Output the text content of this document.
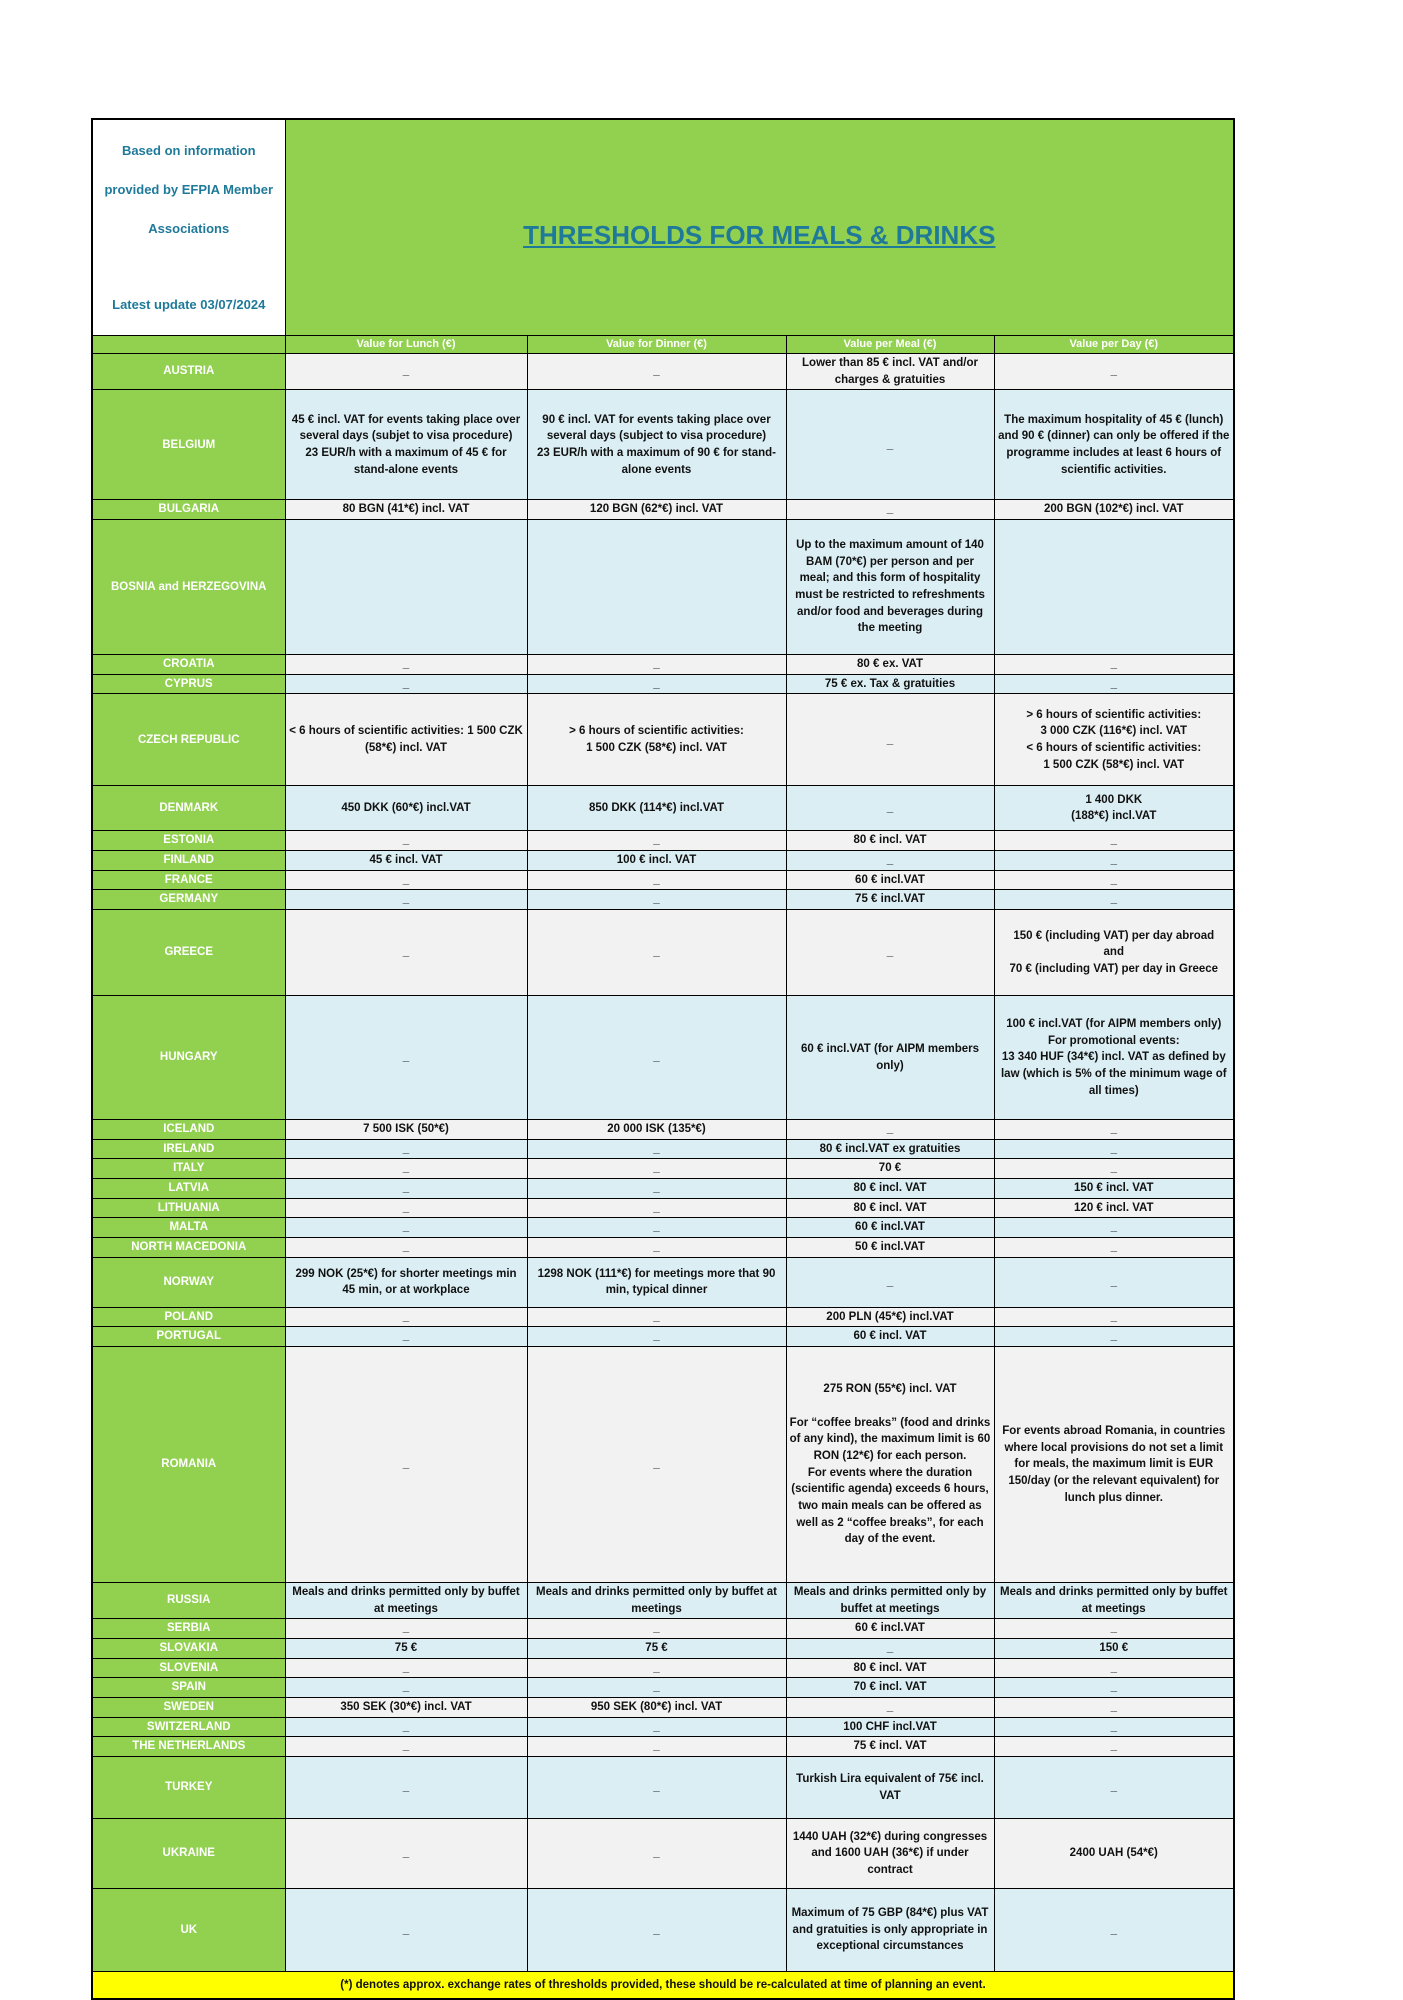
Based on information

provided by EFPIA Member

Associations

Latest update 03/07/2024	THRESHOLDS FOR MEALS & DRINKS			

	Value for Lunch (€)	Value for Dinner (€)	Value per Meal (€)	Value per Day (€)
AUSTRIA	_	_	Lower than 85 € incl. VAT and/or charges & gratuities	_
BELGIUM	45 € incl. VAT for events taking place over several days (subjet to visa procedure)
23 EUR/h with a maximum of 45 € for stand-alone events	90 € incl. VAT for events taking place over several days (subject to visa procedure)
23 EUR/h with a maximum of 90 € for stand-alone events	_	The maximum hospitality of 45 € (lunch) and 90 € (dinner) can only be offered if the programme includes at least 6 hours of scientific activities.
BULGARIA	80 BGN (41*€) incl. VAT	120 BGN (62*€) incl. VAT	_	200 BGN (102*€) incl. VAT
BOSNIA and HERZEGOVINA			Up to the maximum amount of 140 BAM (70*€) per person and per meal; and this form of hospitality must be restricted to refreshments and/or food and beverages during the meeting	
CROATIA	_	_	80 € ex. VAT	_
CYPRUS	_	_	75 € ex. Tax & gratuities	_
CZECH REPUBLIC	< 6 hours of scientific activities: 1 500 CZK (58*€) incl. VAT	> 6 hours of scientific activities:
1 500 CZK (58*€) incl. VAT	_	> 6 hours of scientific activities:
3 000 CZK (116*€) incl. VAT
< 6 hours of scientific activities:
1 500 CZK (58*€) incl. VAT
DENMARK	450 DKK (60*€) incl.VAT	850 DKK (114*€) incl.VAT	_	1 400 DKK
(188*€) incl.VAT
ESTONIA	_	_	80 € incl. VAT	_
FINLAND	45 € incl. VAT	100 € incl. VAT	_	_
FRANCE	_	_	60 € incl.VAT	_
GERMANY	_	_	75 € incl.VAT	_
GREECE	_	_	_	150 € (including VAT) per day abroad
and
70 € (including VAT) per day in Greece
HUNGARY	_	_	60 € incl.VAT (for AIPM members only)	100 € incl.VAT (for AIPM members only)
For promotional events:
13 340 HUF (34*€) incl. VAT as defined by law (which is 5% of the minimum wage of all times)
ICELAND	7 500 ISK (50*€)	20 000 ISK (135*€)	_	_
IRELAND	_	_	80 € incl.VAT ex gratuities	_
ITALY	_	_	70 €	_
LATVIA	_	_	80 € incl. VAT	150 € incl. VAT
LITHUANIA	_	_	80 € incl. VAT	120 € incl. VAT
MALTA	_	_	60 € incl.VAT	_
NORTH MACEDONIA	_	_	50 € incl.VAT	_
NORWAY	299 NOK (25*€) for shorter meetings min 45 min, or at workplace	1298 NOK (111*€) for meetings more that 90 min, typical dinner	_	_
POLAND	_	_	200 PLN (45*€) incl.VAT	_
PORTUGAL	_	_	60 € incl. VAT	_
ROMANIA	_	_	275 RON (55*€) incl. VAT

For “coffee breaks” (food and drinks of any kind), the maximum limit is 60 RON (12*€) for each person.
For events where the duration (scientific agenda) exceeds 6 hours, two main meals can be offered as well as 2 “coffee breaks”, for each day of the event.	For events abroad Romania, in countries where local provisions do not set a limit for meals, the maximum limit is EUR 150/day (or the relevant equivalent) for lunch plus dinner.
RUSSIA	Meals and drinks permitted only by buffet at meetings	Meals and drinks permitted only by buffet at meetings	Meals and drinks permitted only by buffet at meetings	Meals and drinks permitted only by buffet at meetings
SERBIA	_	_	60 € incl.VAT	_
SLOVAKIA	75 €	75 €	_	150 €
SLOVENIA	_	_	80 € incl. VAT	_
SPAIN	_	_	70 € incl. VAT	_
SWEDEN	350 SEK (30*€) incl. VAT	950 SEK (80*€) incl. VAT	_	_
SWITZERLAND	_	_	100 CHF incl.VAT	_
THE NETHERLANDS	_	_	75 € incl. VAT	_
TURKEY	_	_	Turkish Lira equivalent of 75€ incl. VAT	_
UKRAINE	_	_	1440 UAH (32*€) during congresses and 1600 UAH (36*€) if under contract	2400 UAH (54*€)
UK	_	_	Maximum of 75 GBP (84*€) plus VAT and gratuities is only appropriate in exceptional circumstances	_
(*) denotes approx. exchange rates of thresholds provided, these should be re-calculated at time of planning an event.				
